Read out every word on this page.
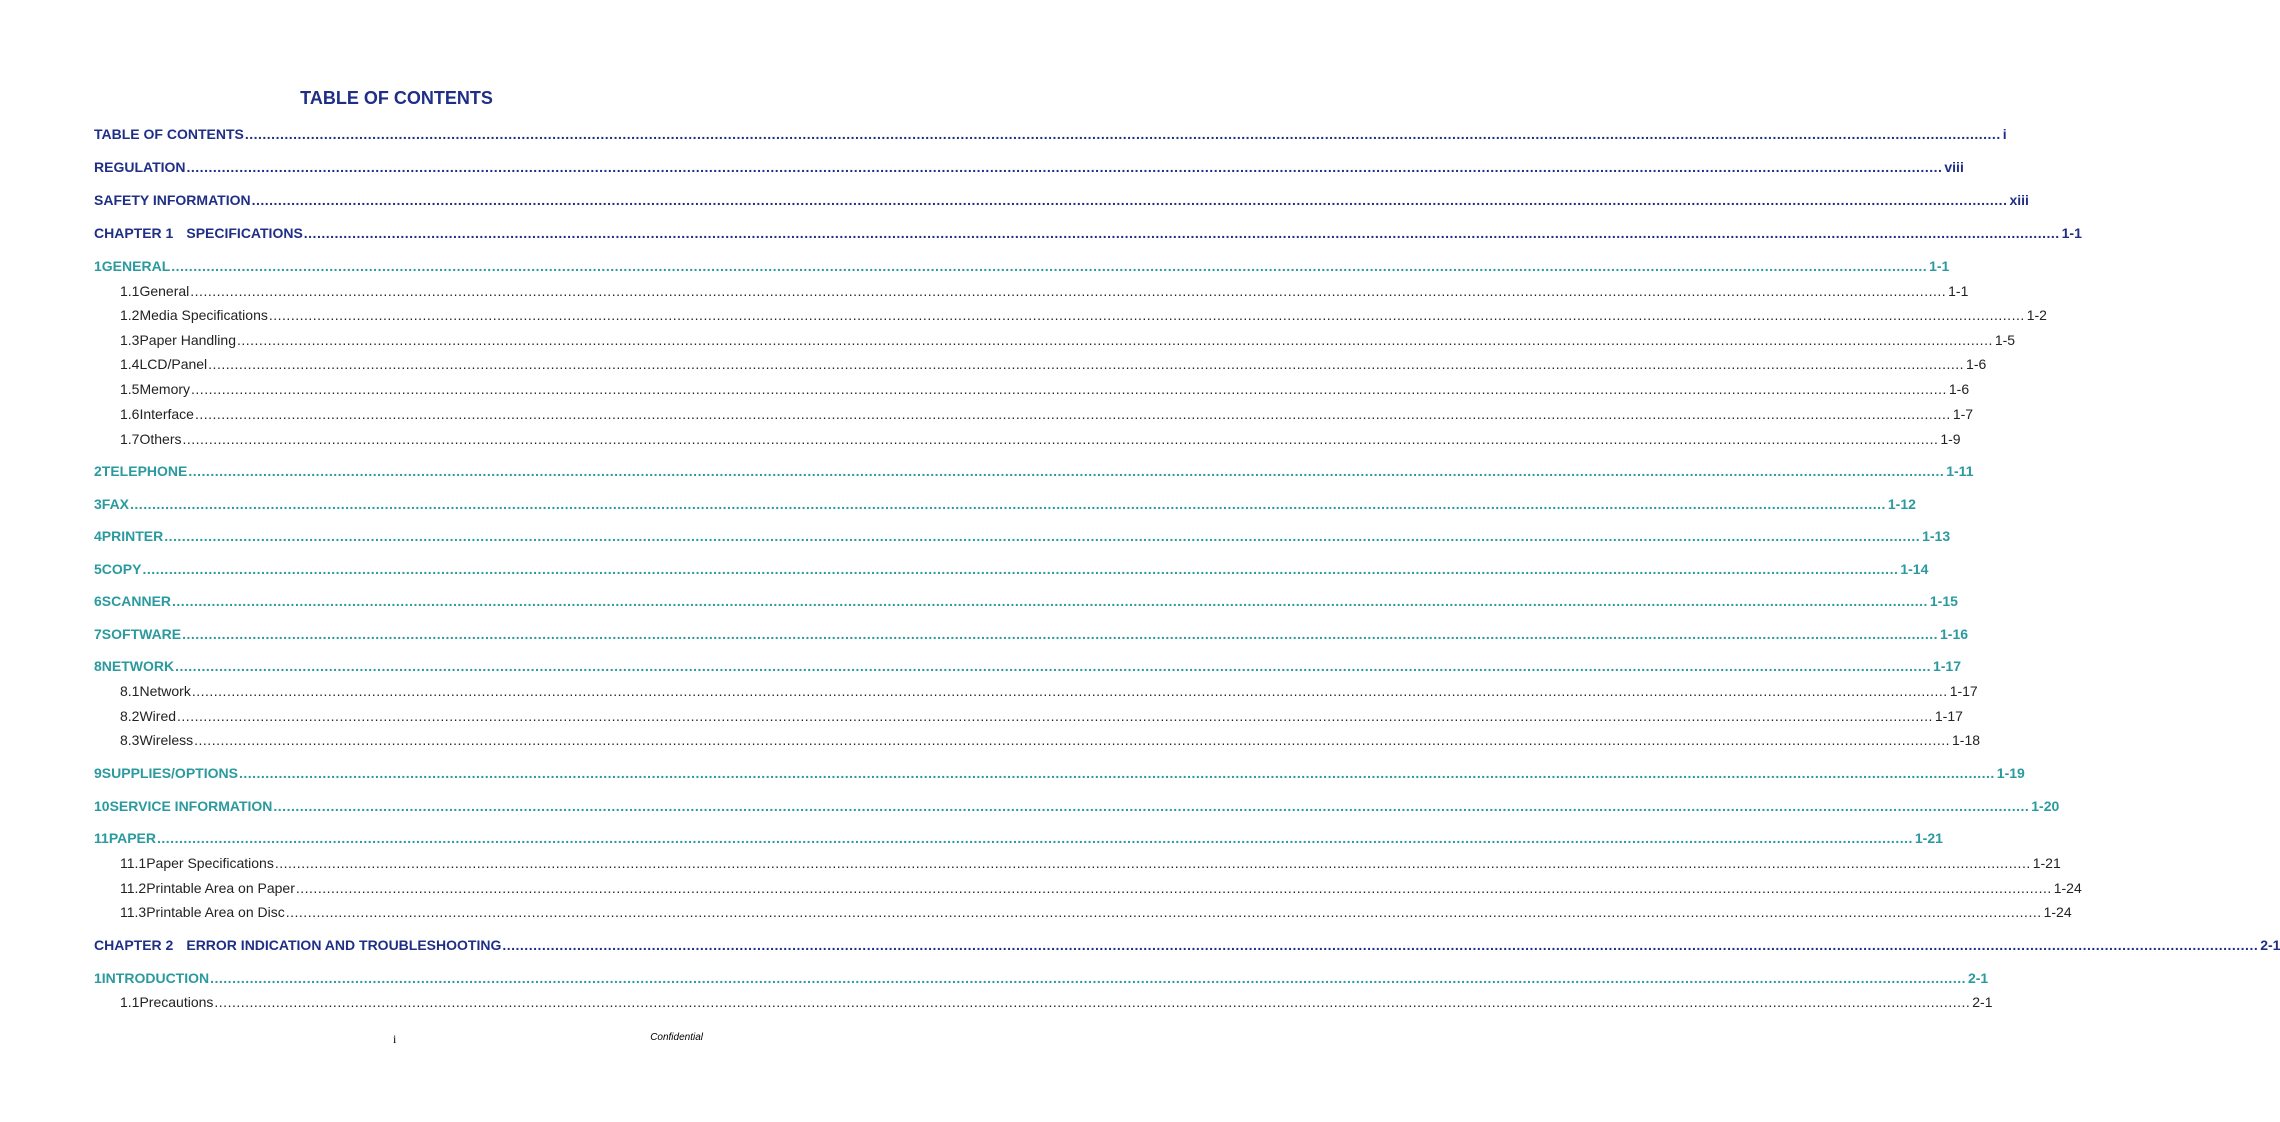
TABLE OF CONTENTS
TABLE OF CONTENTS ................................................................................................................................................................................................................................................................................................................................................................................................................ i
REGULATION ................................................................................................................................................................................................................................................................................................................................................................................................................ viii
SAFETY INFORMATION ................................................................................................................................................................................................................................................................................................................................................................................................................ xiii
CHAPTER 1 SPECIFICATIONS ................................................................................................................................................................................................................................................................................................................................................................................................................ 1-1
1 GENERAL ................................................................................................................................................................................................................................................................................................................................................................................................................ 1-1
1.1 General ................................................................................................................................................................................................................................................................................................................................................................................................................ 1-1
1.2 Media Specifications ................................................................................................................................................................................................................................................................................................................................................................................................................ 1-2
1.3 Paper Handling ................................................................................................................................................................................................................................................................................................................................................................................................................ 1-5
1.4 LCD/Panel ................................................................................................................................................................................................................................................................................................................................................................................................................ 1-6
1.5 Memory ................................................................................................................................................................................................................................................................................................................................................................................................................ 1-6
1.6 Interface ................................................................................................................................................................................................................................................................................................................................................................................................................ 1-7
1.7 Others ................................................................................................................................................................................................................................................................................................................................................................................................................ 1-9
2 TELEPHONE ................................................................................................................................................................................................................................................................................................................................................................................................................ 1-11
3 FAX ................................................................................................................................................................................................................................................................................................................................................................................................................ 1-12
4 PRINTER ................................................................................................................................................................................................................................................................................................................................................................................................................ 1-13
5 COPY ................................................................................................................................................................................................................................................................................................................................................................................................................ 1-14
6 SCANNER ................................................................................................................................................................................................................................................................................................................................................................................................................ 1-15
7 SOFTWARE ................................................................................................................................................................................................................................................................................................................................................................................................................ 1-16
8 NETWORK ................................................................................................................................................................................................................................................................................................................................................................................................................ 1-17
8.1 Network ................................................................................................................................................................................................................................................................................................................................................................................................................ 1-17
8.2 Wired ................................................................................................................................................................................................................................................................................................................................................................................................................ 1-17
8.3 Wireless ................................................................................................................................................................................................................................................................................................................................................................................................................ 1-18
9 SUPPLIES/OPTIONS ................................................................................................................................................................................................................................................................................................................................................................................................................ 1-19
10 SERVICE INFORMATION ................................................................................................................................................................................................................................................................................................................................................................................................................ 1-20
11 PAPER ................................................................................................................................................................................................................................................................................................................................................................................................................ 1-21
11.1 Paper Specifications ................................................................................................................................................................................................................................................................................................................................................................................................................ 1-21
11.2 Printable Area on Paper ................................................................................................................................................................................................................................................................................................................................................................................................................ 1-24
11.3 Printable Area on Disc ................................................................................................................................................................................................................................................................................................................................................................................................................ 1-24
CHAPTER 2 ERROR INDICATION AND TROUBLESHOOTING ................................................................................................................................................................................................................................................................................................................................................................................................................ 2-1
1 INTRODUCTION ................................................................................................................................................................................................................................................................................................................................................................................................................ 2-1
1.1 Precautions ................................................................................................................................................................................................................................................................................................................................................................................................................ 2-1
i	Confidential
